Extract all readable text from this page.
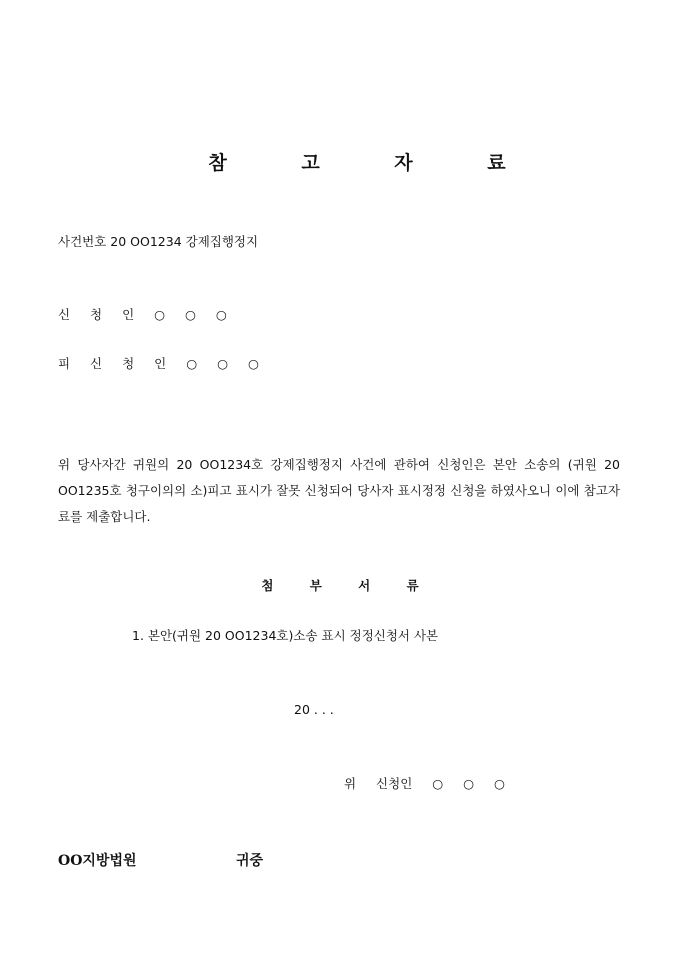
참 고 자 료
사건번호 20 OO1234 강제집행정지
신 청 인 ○ ○ ○
피 신 청 인 ○ ○ ○
위 당사자간 귀원의 20 OO1234호 강제집행정지 사건에 관하여 신청인은 본안 소송의 (귀원 20 OO1235호 청구이의의 소)피고 표시가 잘못 신청되어 당사자 표시정정 신청을 하였사오니 이에 참고자료를 제출합니다.
첨 부 서 류
1. 본안(귀원 20 OO1234호)소송 표시 정정신청서 사본
20 . . .
위 신청인 ○ ○ ○
OO지방법원	귀중
